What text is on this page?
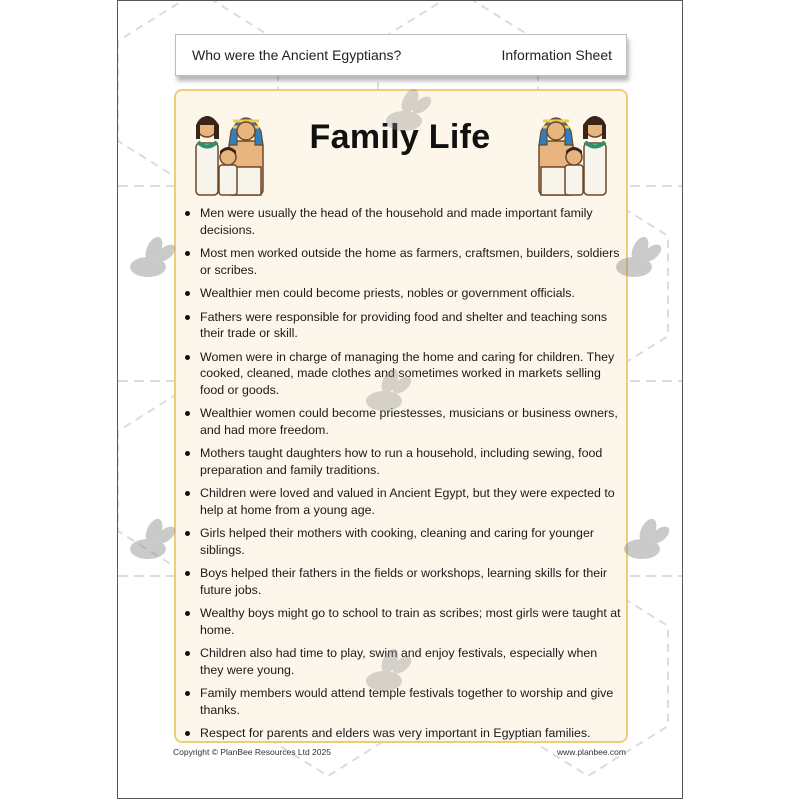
Who were the Ancient Egyptians?	Information Sheet
Family Life
Men were usually the head of the household and made important family decisions.
Most men worked outside the home as farmers, craftsmen, builders, soldiers or scribes.
Wealthier men could become priests, nobles or government officials.
Fathers were responsible for providing food and shelter and teaching sons their trade or skill.
Women were in charge of managing the home and caring for children. They cooked, cleaned, made clothes and sometimes worked in markets selling food or goods.
Wealthier women could become priestesses, musicians or business owners, and had more freedom.
Mothers taught daughters how to run a household, including sewing, food preparation and family traditions.
Children were loved and valued in Ancient Egypt, but they were expected to help at home from a young age.
Girls helped their mothers with cooking, cleaning and caring for younger siblings.
Boys helped their fathers in the fields or workshops, learning skills for their future jobs.
Wealthy boys might go to school to train as scribes; most girls were taught at home.
Children also had time to play, swim and enjoy festivals, especially when they were young.
Family members would attend temple festivals together to worship and give thanks.
Respect for parents and elders was very important in Egyptian families.
Copyright © PlanBee Resources Ltd 2025	www.planbee.com
